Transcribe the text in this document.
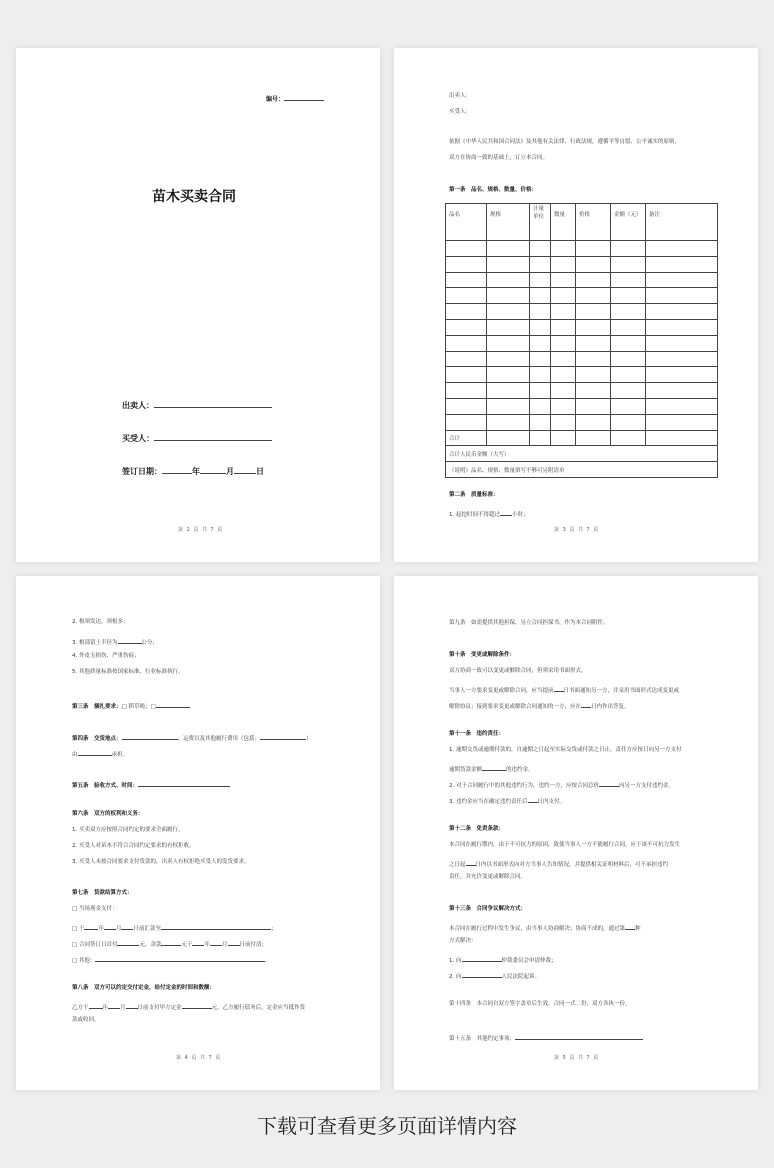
编号：
苗木买卖合同
出卖人：
买受人：
签订日期：	年	月	日
第 2 页 共 7 页
出卖人：
买受人：
依据《中华人民共和国合同法》及其他有关法律、行政法规，遵循平等自愿、公平诚实的原则，
双方在协商一致的基础上，订立本合同。
第一条　品名、规格、数量、价格：
品名	规格	计量单位	数量	价格	金额（元）	备注

合计						
合计人民币金额（大写）						
（说明）品名、规格、数量填写不够可另附清单						
第二条　质量标准：
1. 起挖时间不得超过 小时；
第 3 页 共 7 页
2. 根须发达，须根多；
3. 根部留土半径为	公分；
4. 外皮无损伤、严重伤痕；
5. 其他质量标准按国家标准、行业标准执行。
第三条　捆扎要求：□ 稻草绳；□
第四条　交货地点：	；运费以及其他履行费用（包括：	）
由	承担。
第五条　验收方式、时间：
第六条　双方的权利和义务：
1. 买卖双方应按照合同约定的要求全面履行。
2. 买受人对苗木不符合合同约定要求的有权拒收。
3. 买受人未按合同要求支付货款的，出卖人有权拒绝买受人的发货要求。
第七条　货款结算方式：
□ 当场现金支付：
□ 于	年 月 日前汇款至	；
□ 合同签订日首付	元，余款	元于 年 月 日前付清；
□ 其他：	。
第八条　双方可以约定交付定金，给付定金的时间和数额：
乙方于	年 月 日前支付甲方定金	元，乙方履行债务后，定金应当抵作货
款或收回。
第 4 页 共 7 页
第九条　如需提供其他担保，另立合同担保书，作为本合同附件。
第十条　变更或解除条件：
双方协商一致可以变更或解除合同，但须采用书面形式。
当事人一方要求变更或解除合同，应当提前 日书面通知另一方，并采用书面形式达成变更或
解除协议；接到要求变更或解除合同通知的一方，应在 日内作出答复。
第十一条　违约责任：
1. 逾期交货或逾期付款的，自逾期之日起至实际交货或付款之日止，责任方应按日向另一方支付
逾期货款金额	的违约金。
2. 对于合同履行中的其他违约行为，违约一方，应按合同总价	向另一方支付违约金。
3. 违约金应当在确定违约责任后 日内支付。
第十二条　免责条款：
本合同在履行期内，由于不可抗力的原因，致使当事人一方不能履行合同，应于该不可抗力发生
之日起 日内以书面形式向对方当事人告知情况，并提供相关证明材料后，可不承担违约
责任，并允许变更或解除合同。
第十三条　合同争议解决方式：
本合同在履行过程中发生争议，由当事人协商解决；协商不成的，通过第 种
方式解决：
1. 向	仲裁委员会申请仲裁；
2. 向	人民法院起诉。
第十四条　本合同自双方签字盖章后生效，合同一式二份，双方各执一份。
第十五条　其他约定事项：
第 5 页 共 7 页
下载可查看更多页面详情内容
